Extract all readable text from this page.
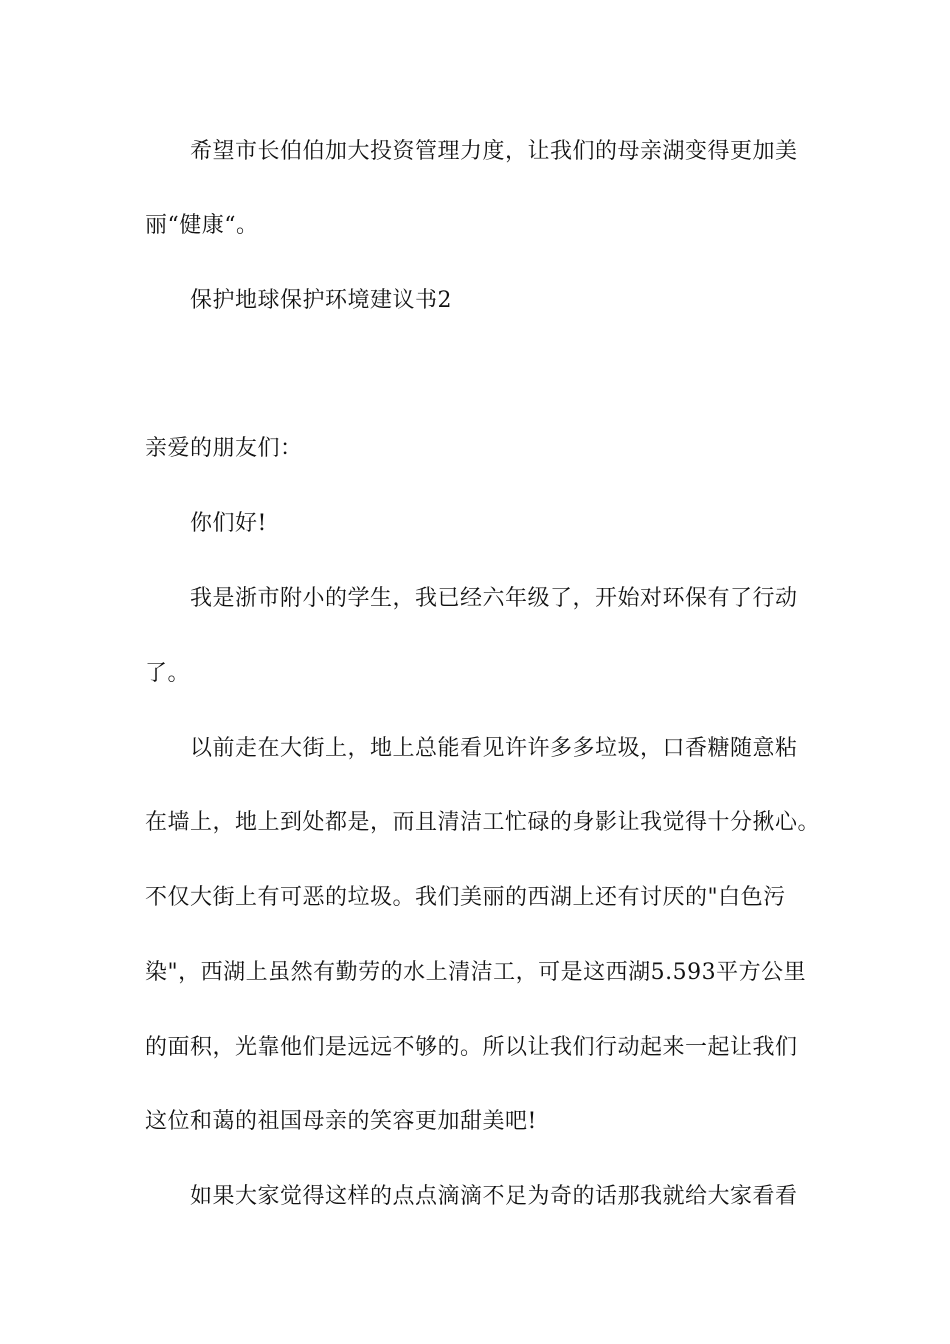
希望市长伯伯加大投资管理力度，让我们的母亲湖变得更加美
丽“健康“。
保护地球保护环境建议书2
亲爱的朋友们：
你们好!
我是浙市附小的学生，我已经六年级了，开始对环保有了行动
了。
以前走在大街上，地上总能看见许许多多垃圾，口香糖随意粘
在墙上，地上到处都是，而且清洁工忙碌的身影让我觉得十分揪心。
不仅大街上有可恶的垃圾。我们美丽的西湖上还有讨厌的"白色污
染"，西湖上虽然有勤劳的水上清洁工，可是这西湖5.593平方公里
的面积，光靠他们是远远不够的。所以让我们行动起来一起让我们
这位和蔼的祖国母亲的笑容更加甜美吧!
如果大家觉得这样的点点滴滴不足为奇的话那我就给大家看看
